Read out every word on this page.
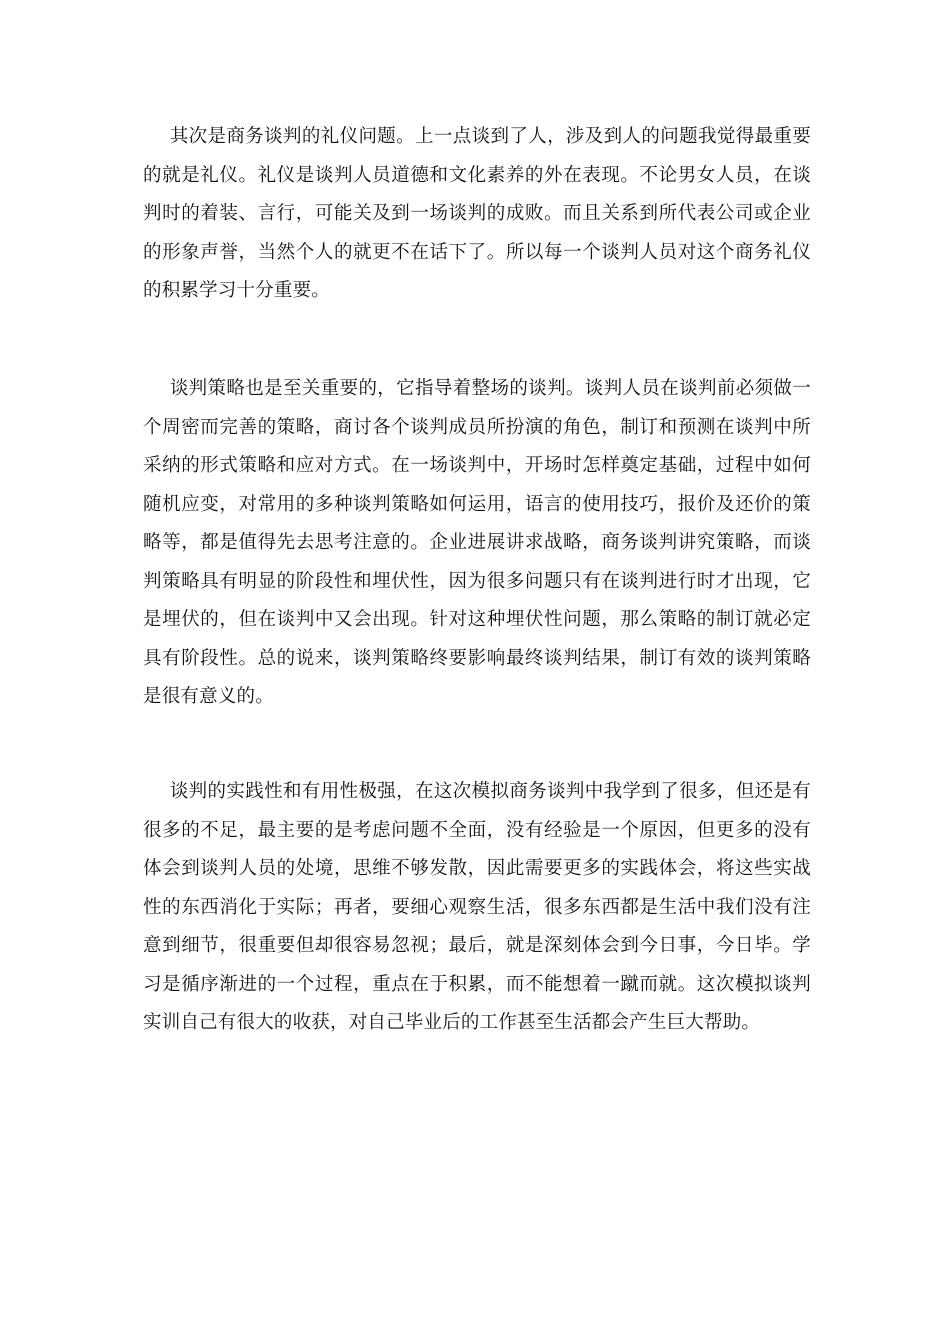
其次是商务谈判的礼仪问题。上一点谈到了人，涉及到人的问题我觉得最重要的就是礼仪。礼仪是谈判人员道德和文化素养的外在表现。不论男女人员，在谈判时的着装、言行，可能关及到一场谈判的成败。而且关系到所代表公司或企业的形象声誉，当然个人的就更不在话下了。所以每一个谈判人员对这个商务礼仪的积累学习十分重要。

谈判策略也是至关重要的，它指导着整场的谈判。谈判人员在谈判前必须做一个周密而完善的策略，商讨各个谈判成员所扮演的角色，制订和预测在谈判中所采纳的形式策略和应对方式。在一场谈判中，开场时怎样奠定基础，过程中如何随机应变，对常用的多种谈判策略如何运用，语言的使用技巧，报价及还价的策略等，都是值得先去思考注意的。企业进展讲求战略，商务谈判讲究策略，而谈判策略具有明显的阶段性和埋伏性，因为很多问题只有在谈判进行时才出现，它是埋伏的，但在谈判中又会出现。针对这种埋伏性问题，那么策略的制订就必定具有阶段性。总的说来，谈判策略终要影响最终谈判结果，制订有效的谈判策略是很有意义的。

谈判的实践性和有用性极强，在这次模拟商务谈判中我学到了很多，但还是有很多的不足，最主要的是考虑问题不全面，没有经验是一个原因，但更多的没有体会到谈判人员的处境，思维不够发散，因此需要更多的实践体会，将这些实战性的东西消化于实际；再者，要细心观察生活，很多东西都是生活中我们没有注意到细节，很重要但却很容易忽视；最后，就是深刻体会到今日事，今日毕。学习是循序渐进的一个过程，重点在于积累，而不能想着一蹴而就。这次模拟谈判实训自己有很大的收获，对自己毕业后的工作甚至生活都会产生巨大帮助。
